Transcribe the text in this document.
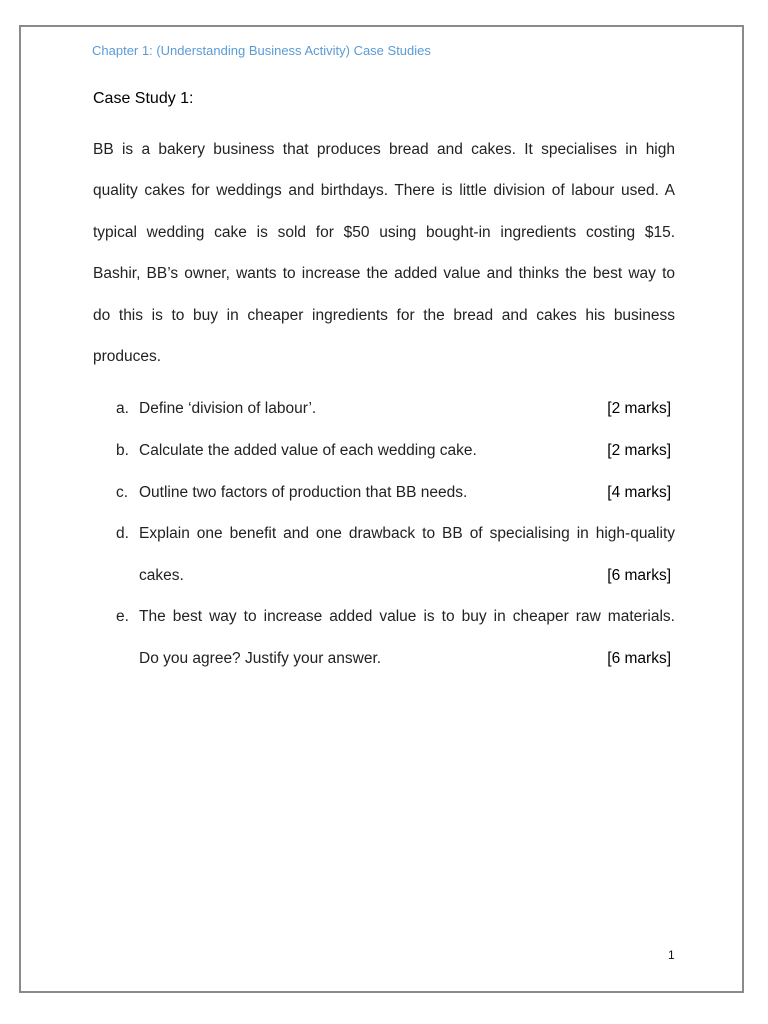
Chapter 1: (Understanding Business Activity) Case Studies
Case Study 1:
BB is a bakery business that produces bread and cakes. It specialises in high
quality cakes for weddings and birthdays. There is little division of labour used. A
typical wedding cake is sold for $50 using bought-in ingredients costing $15.
Bashir, BB’s owner, wants to increase the added value and thinks the best way to
do this is to buy in cheaper ingredients for the bread and cakes his business
produces.
a. Define ‘division of labour’.	[2 marks]
b. Calculate the added value of each wedding cake.	[2 marks]
c. Outline two factors of production that BB needs.	[4 marks]
d. Explain one benefit and one drawback to BB of specialising in high-quality
cakes.	[6 marks]
e. The best way to increase added value is to buy in cheaper raw materials.
Do you agree? Justify your answer.	[6 marks]
1
